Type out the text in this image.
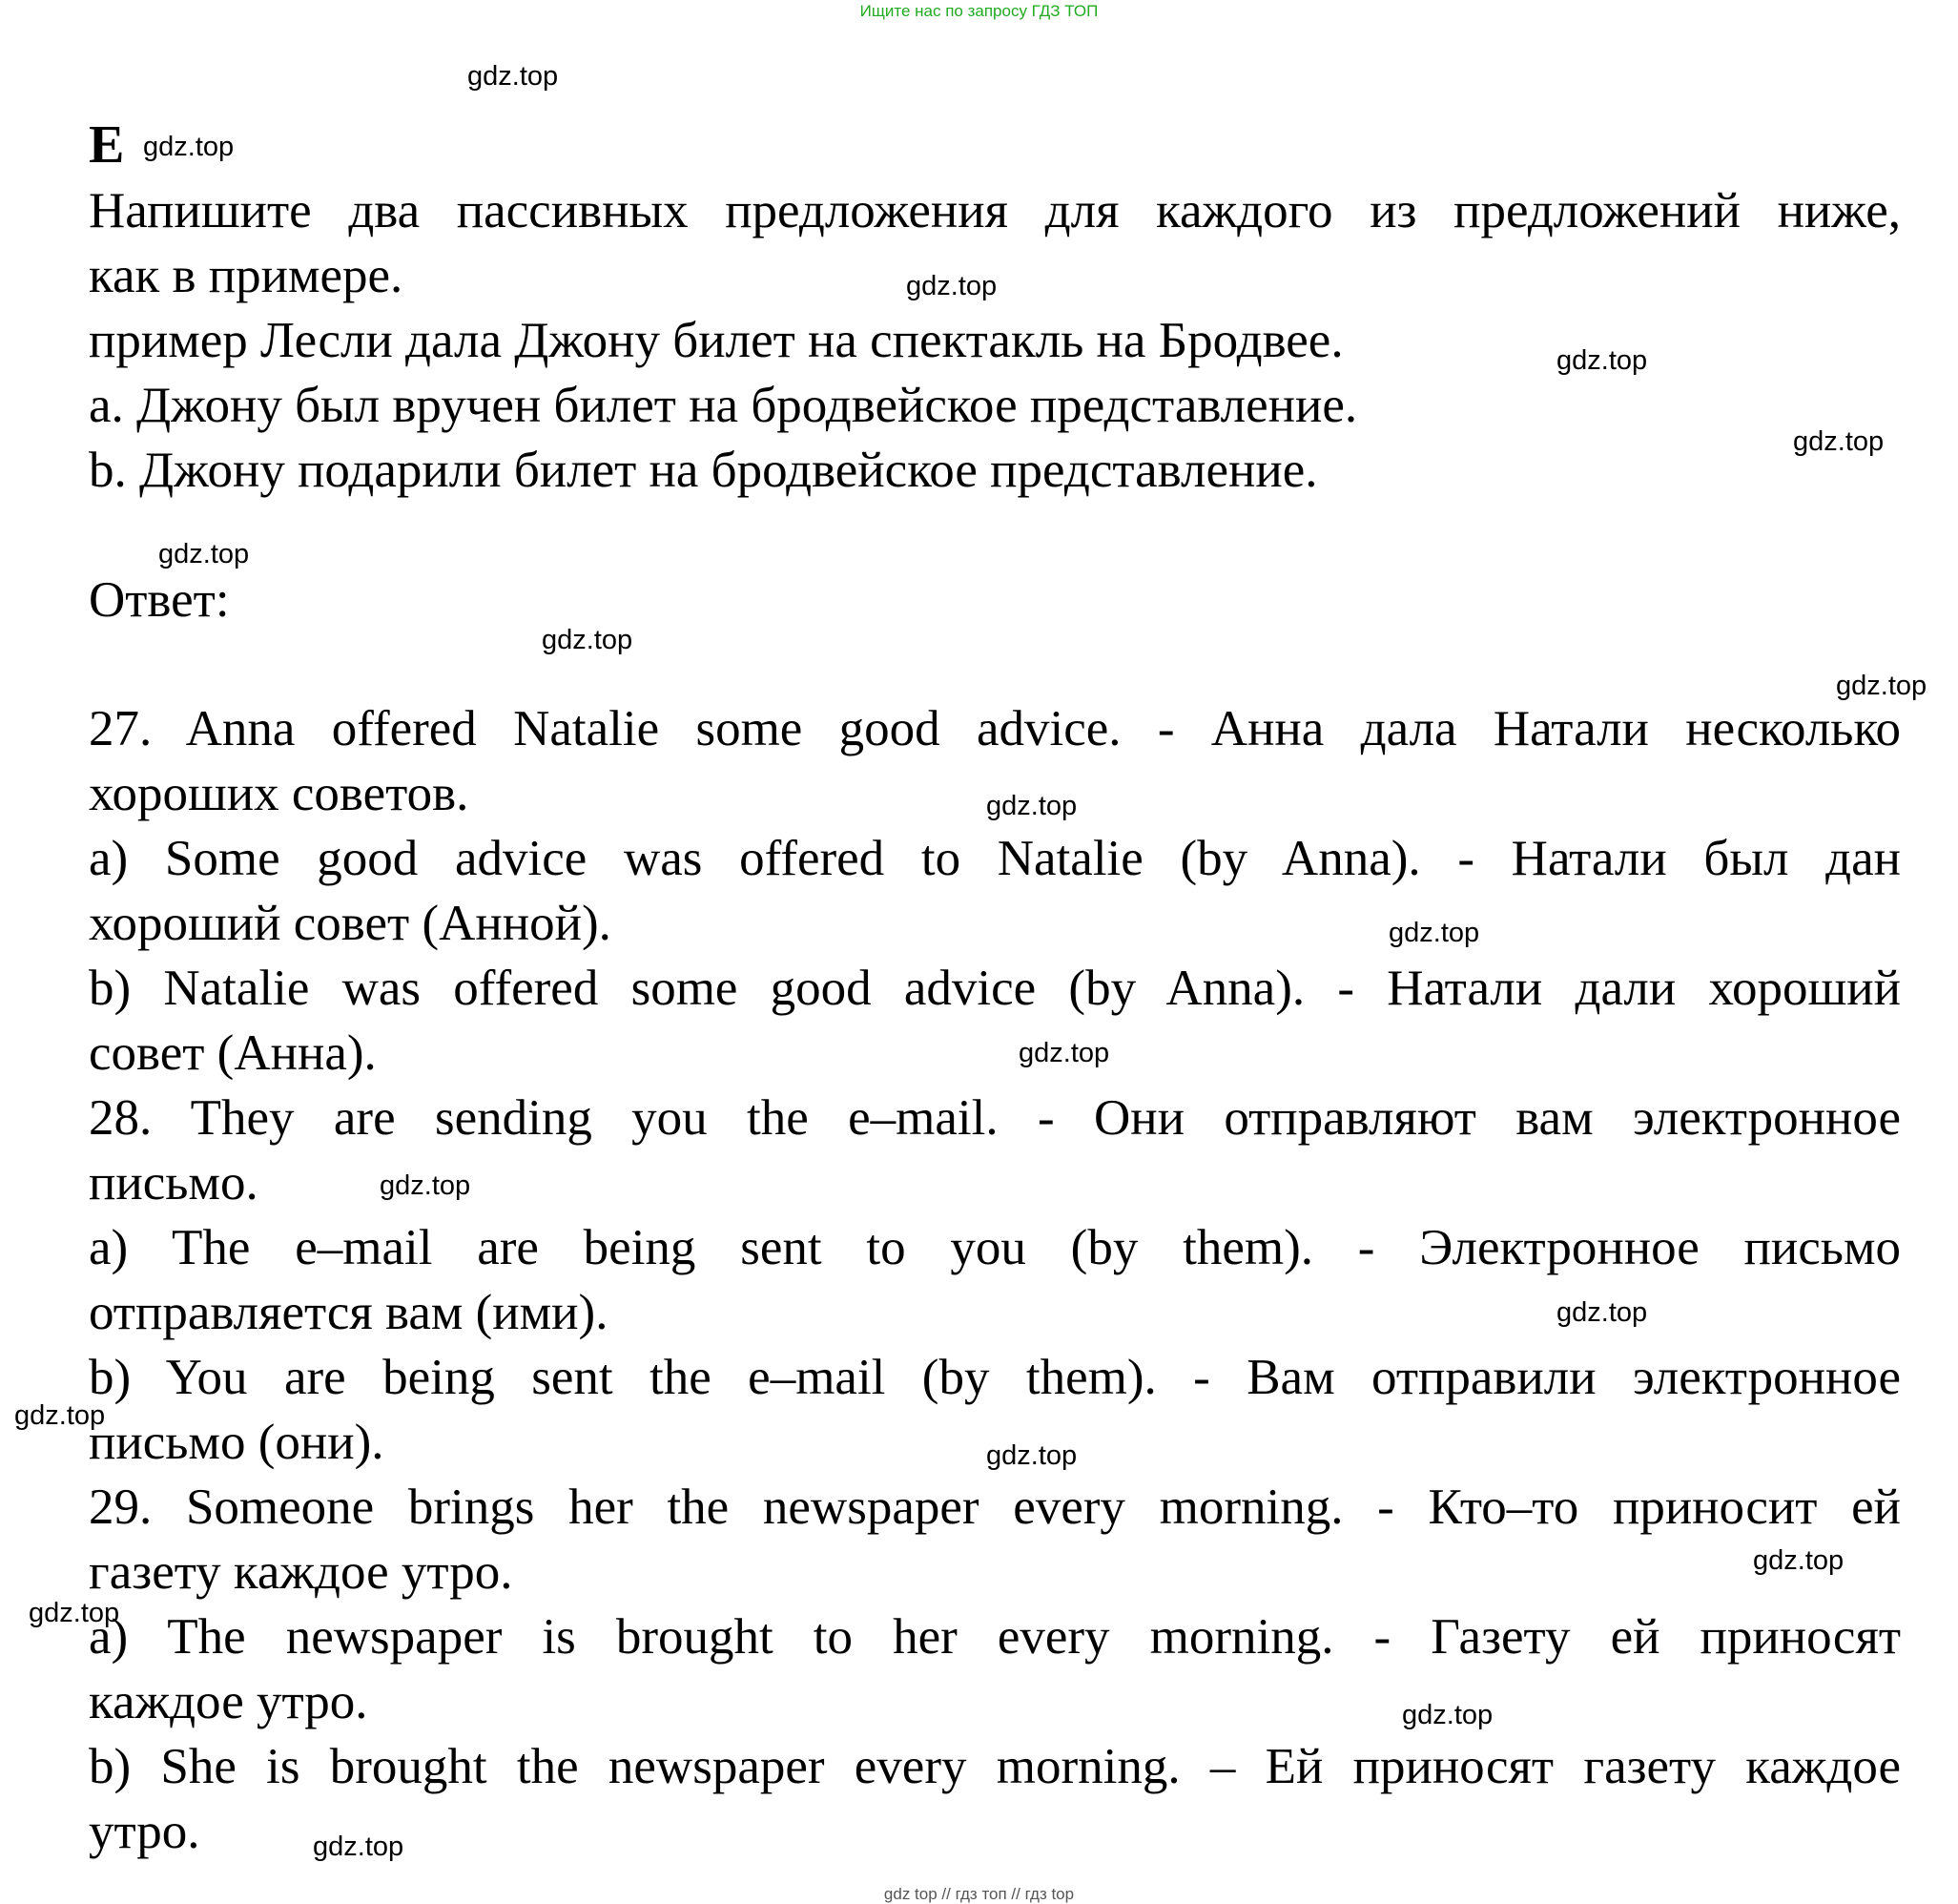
Ищите нас по запросу ГДЗ ТОП
gdz.top
gdz.top
gdz.top
gdz.top
gdz.top
gdz.top
gdz.top
gdz.top
gdz.top
gdz.top
gdz.top
gdz.top
gdz.top
gdz.top
gdz.top
gdz.top
gdz.top
gdz.top
gdz.top
E
Напишите два пассивных предложения для каждого из предложений ниже,
как в примере.
пример Лесли дала Джону билет на спектакль на Бродвее.
a. Джону был вручен билет на бродвейское представление.
b. Джону подарили билет на бродвейское представление.
Ответ:
27. Anna offered Natalie some good advice. - Анна дала Натали несколько
хороших советов.
a) Some good advice was offered to Natalie (by Anna). - Натали был дан
хороший совет (Анной).
b) Natalie was offered some good advice (by Anna). - Натали дали хороший
совет (Анна).
28. They are sending you the e‒mail. - Они отправляют вам электронное
письмо.
a) The e‒mail are being sent to you (by them). - Электронное письмо
отправляется вам (ими).
b) You are being sent the e‒mail (by them). - Вам отправили электронное
письмо (они).
29. Someone brings her the newspaper every morning. - Кто‒то приносит ей
газету каждое утро.
a) The newspaper is brought to her every morning. - Газету ей приносят
каждое утро.
b) She is brought the newspaper every morning. – Ей приносят газету каждое
утро.
gdz top // гдз топ // гдз top
